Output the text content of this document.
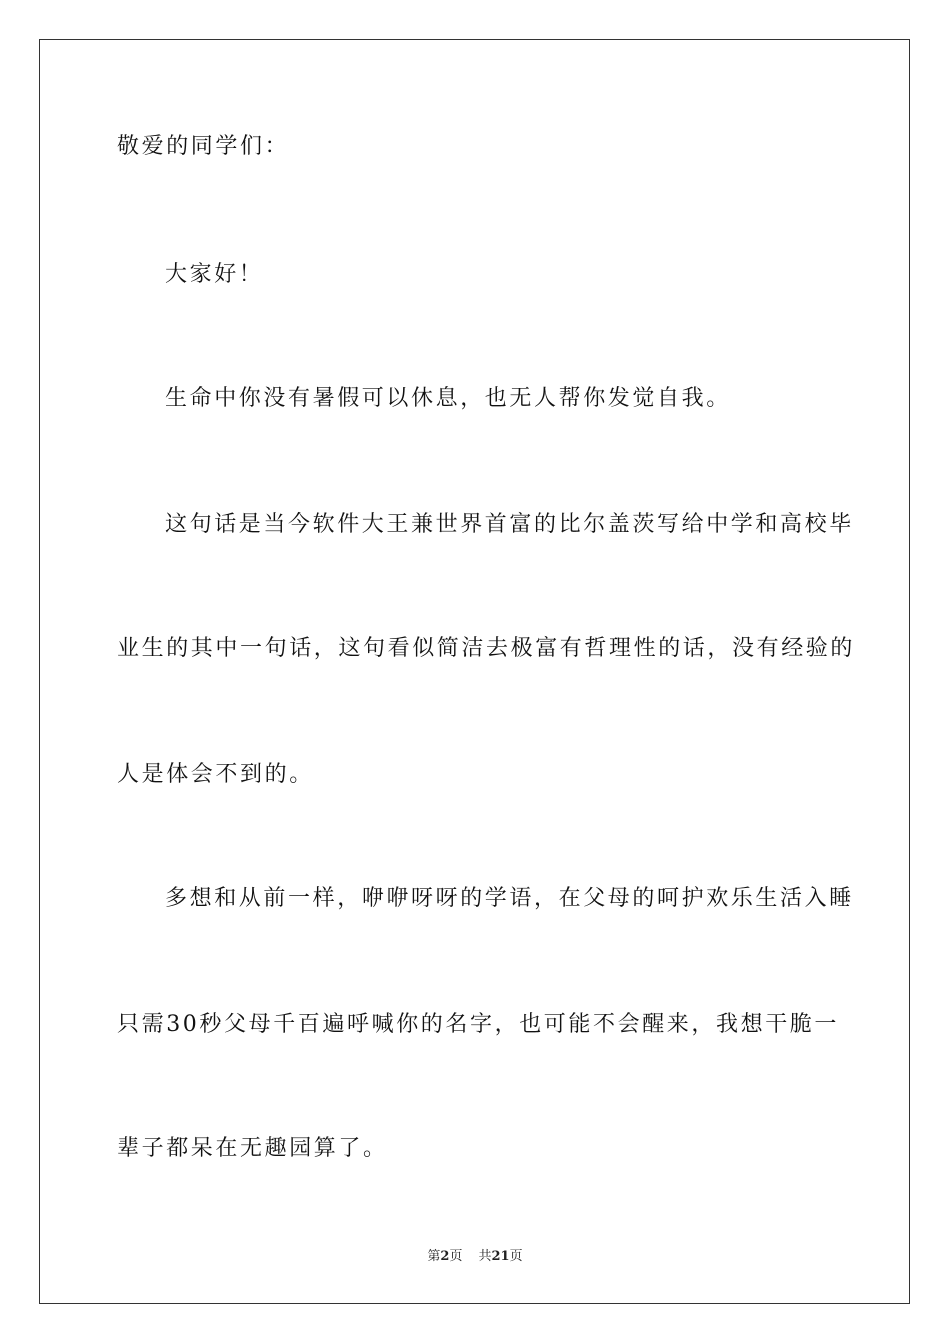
敬爱的同学们：
大家好！
生命中你没有暑假可以休息，也无人帮你发觉自我。
这句话是当今软件大王兼世界首富的比尔盖茨写给中学和高校毕
业生的其中一句话，这句看似简洁去极富有哲理性的话，没有经验的
人是体会不到的。
多想和从前一样，咿咿呀呀的学语，在父母的呵护欢乐生活入睡
只需30秒父母千百遍呼喊你的名字，也可能不会醒来，我想干脆一
辈子都呆在无趣园算了。
第2页 共21页
